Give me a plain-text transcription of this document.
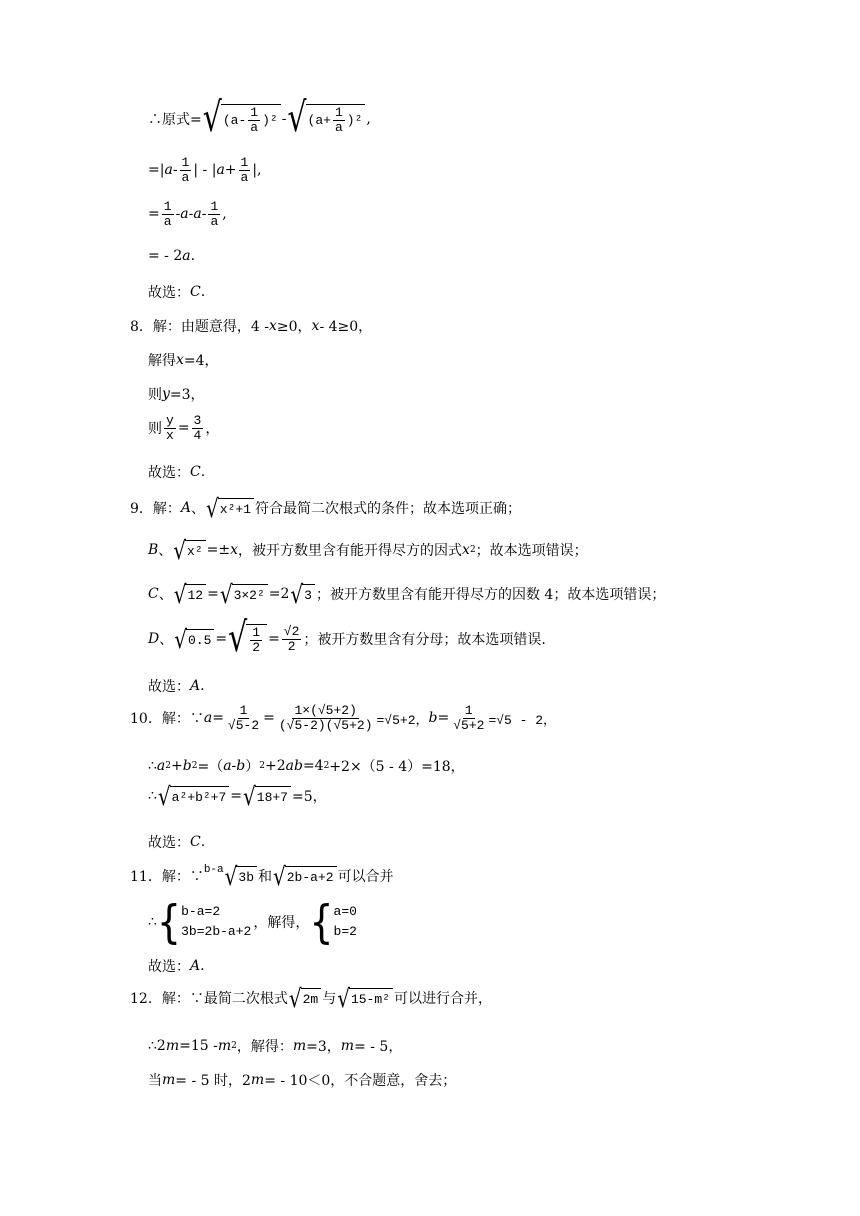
∴原式= √ $(a- \frac{1}{a} )^2$ - √ $(a+ \frac{1}{a} )^2$ ,
=| a - $\frac{1}{a}$ | - | $a + \frac{1}{a}$ |,
= $\frac{1}{a}$ - a - a - $\frac{1}{a}$ ,
= - 2 a .
故选： C .
8．解：由题意得，4 - x ≥0， x - 4≥0，
解得 x =4，
则 y =3，
则 $\frac{y}{x} = \frac{3}{4}$ ，
故选： C .
9．解： A 、 √ x²+1 符合最简二次根式的条件；故本选项正确；
B 、 √ x² =± x ，被开方数里含有能开得尽方的因式 x 2 ；故本选项错误；
C 、 √ 12 = √ 3×2² =2 √ 3 ；被开方数里含有能开得尽方的因数 4；故本选项错误；
D 、 √ 0.5 = √ $\frac{1}{2} = \frac{√2}{2}$ ；被开方数里含有分母；故本选项错误.
故选： A .
10．解：∵ $a = \frac{1}{√5-2} = \frac{1\times(√5+2)}{(√5-2)(√5+2)} =√5+2$， $b = \frac{1}{√5+2} =√5 - 2$，
∴ a 2 + b 2 =（ a - b ） 2 +2 ab =4 2 +2×（5 - 4）=18，
∴ √ a²+b²+7 = √ 18+7 =5，
故选： C .
11．解：∵ b-a √ 3b 和 √ 2b-a+2 可以合并
∴ { b-a=2
3b=2b-a+2
，解得， { a=0
b=2
故选： A .
12．解：∵最简二次根式 √ 2m 与 √ 15-m² 可以进行合并，
∴2 m =15 - m 2 ，解得： m =3， m = - 5，
当 m = - 5 时，2 m = - 10＜0，不合题意，舍去；
